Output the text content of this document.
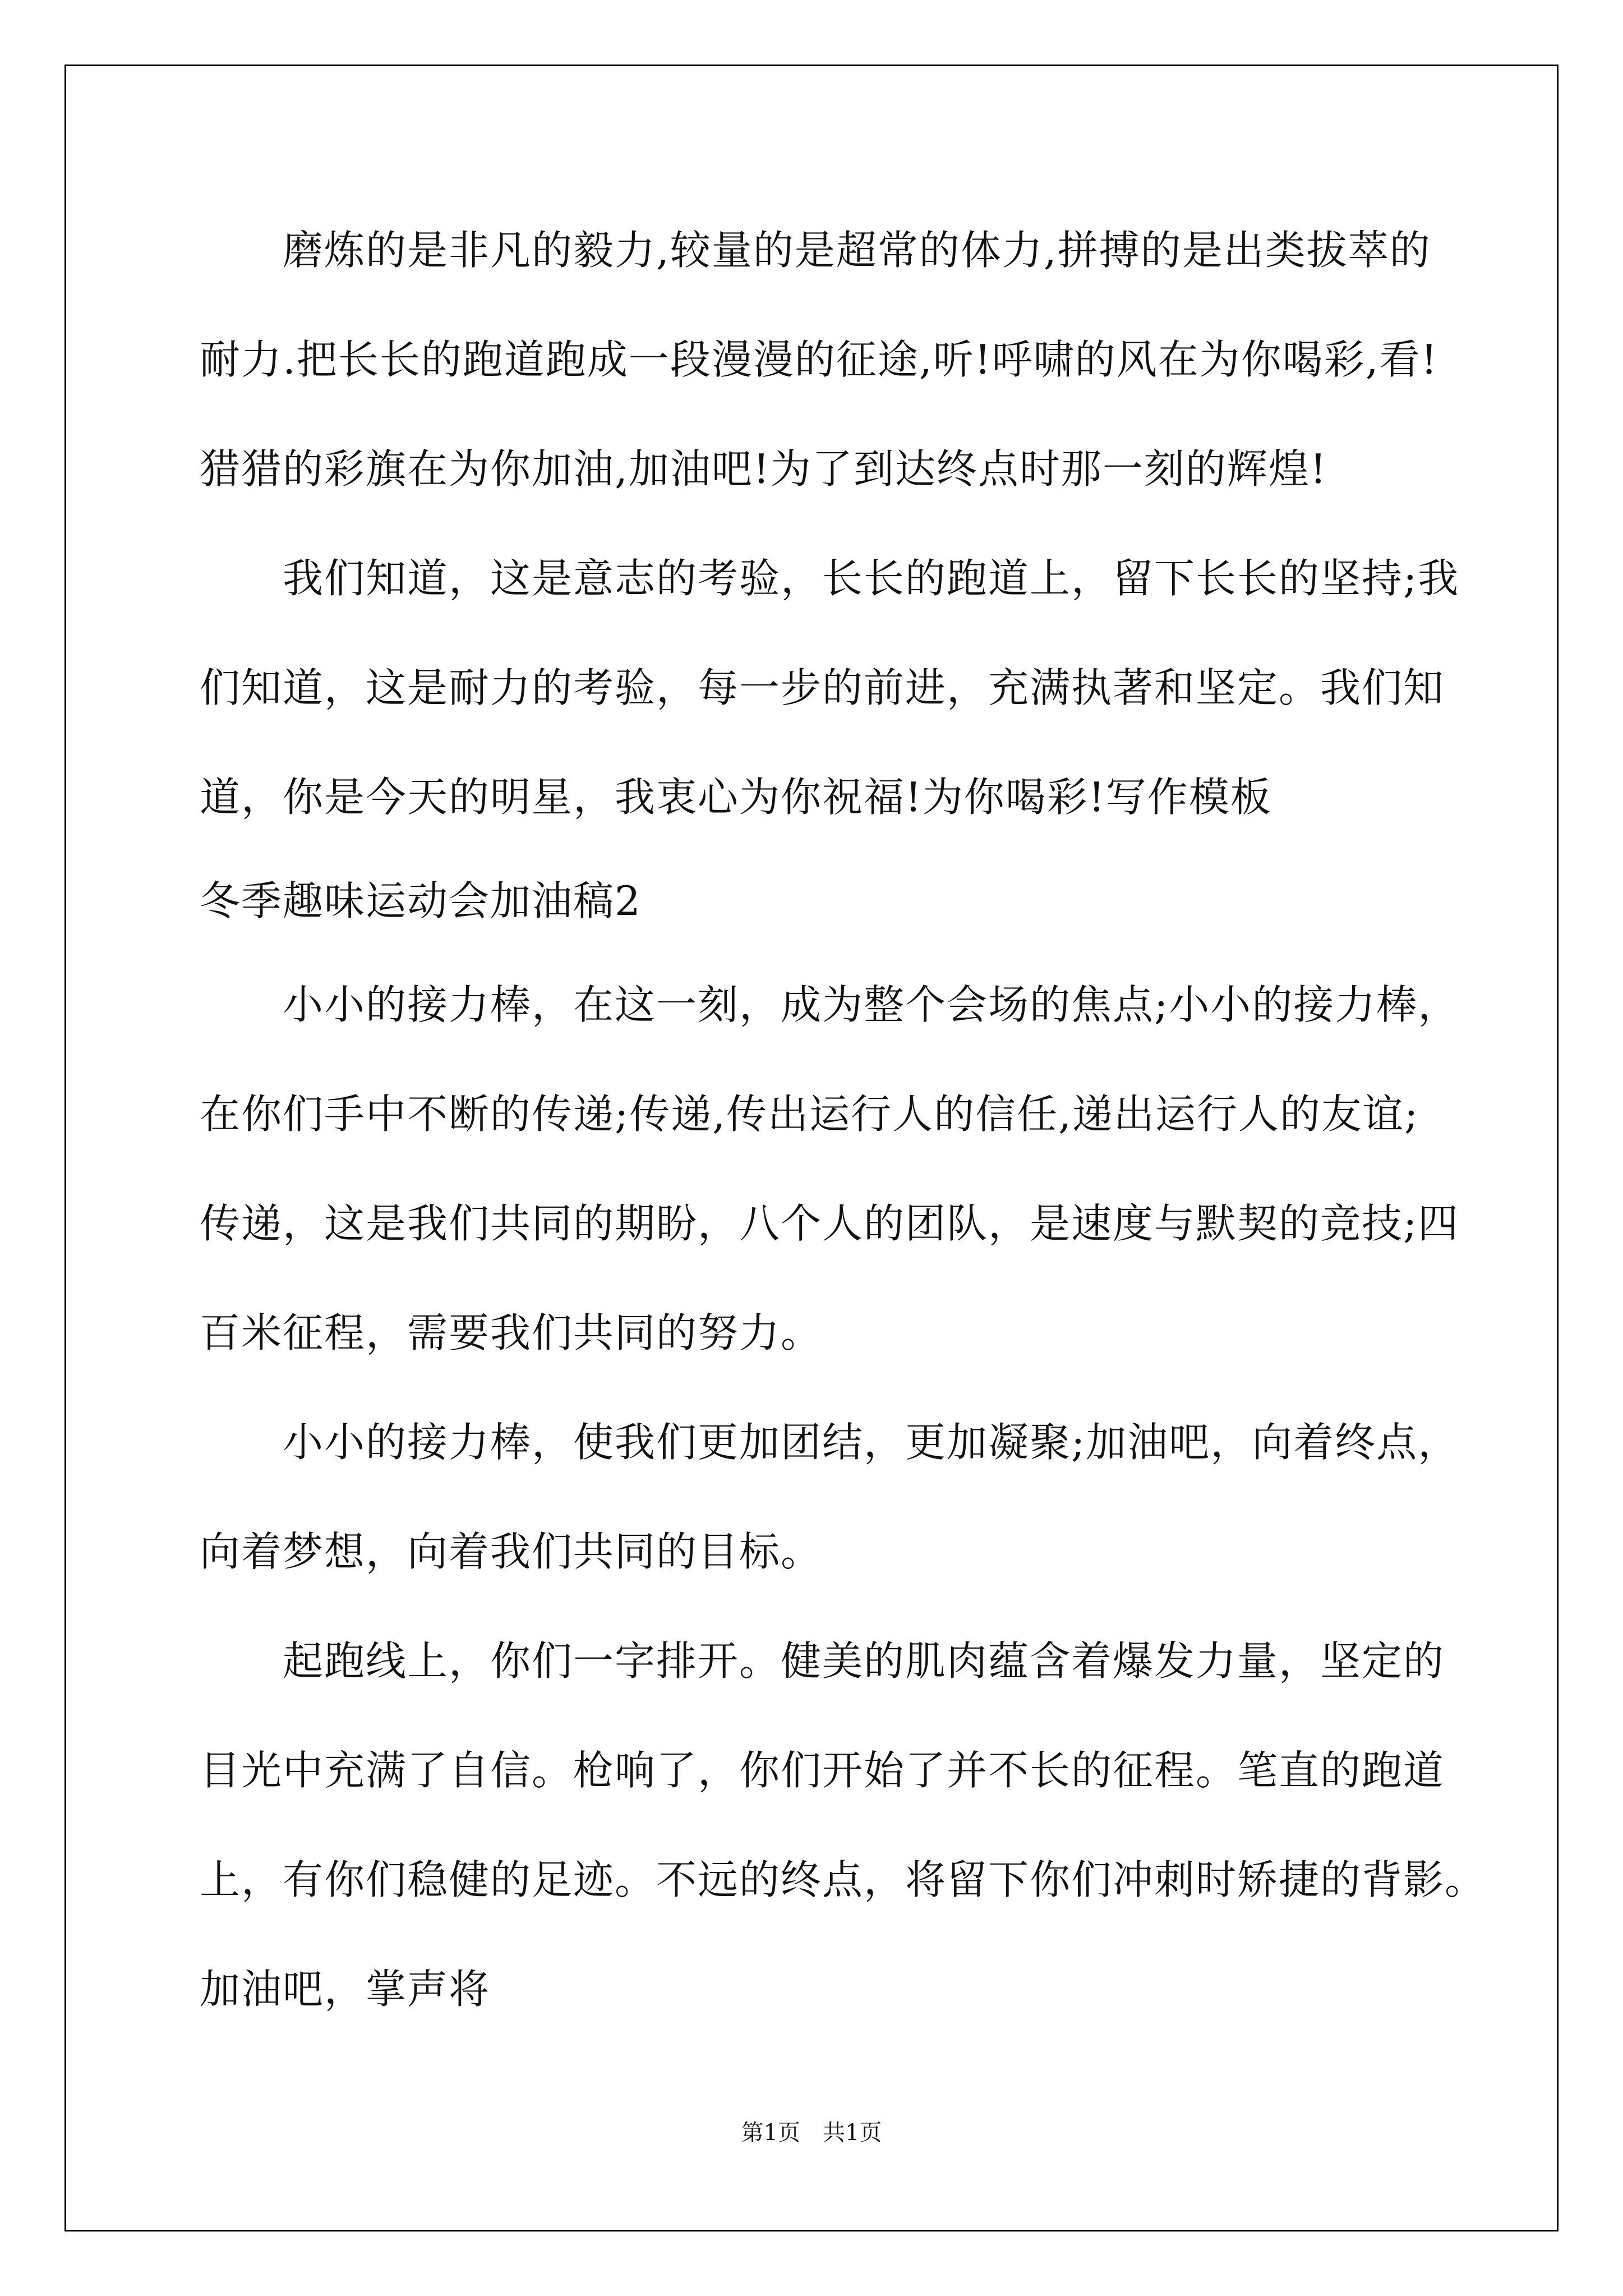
　　磨炼的是非凡的毅力,较量的是超常的体力,拼搏的是出类拔萃的
耐力.把长长的跑道跑成一段漫漫的征途,听!呼啸的风在为你喝彩,看!
猎猎的彩旗在为你加油,加油吧!为了到达终点时那一刻的辉煌!
　　我们知道，这是意志的考验，长长的跑道上，留下长长的坚持;我
们知道，这是耐力的考验，每一步的前进，充满执著和坚定。我们知
道，你是今天的明星，我衷心为你祝福!为你喝彩!写作模板
冬季趣味运动会加油稿2
　　小小的接力棒，在这一刻，成为整个会场的焦点;小小的接力棒，
在你们手中不断的传递;传递,传出运行人的信任,递出运行人的友谊;
传递，这是我们共同的期盼，八个人的团队，是速度与默契的竞技;四
百米征程，需要我们共同的努力。
　　小小的接力棒，使我们更加团结，更加凝聚;加油吧，向着终点，
向着梦想，向着我们共同的目标。
　　起跑线上，你们一字排开。健美的肌肉蕴含着爆发力量，坚定的
目光中充满了自信。枪响了，你们开始了并不长的征程。笔直的跑道
上，有你们稳健的足迹。不远的终点，将留下你们冲刺时矫捷的背影。
加油吧，掌声将
第1页　共1页
